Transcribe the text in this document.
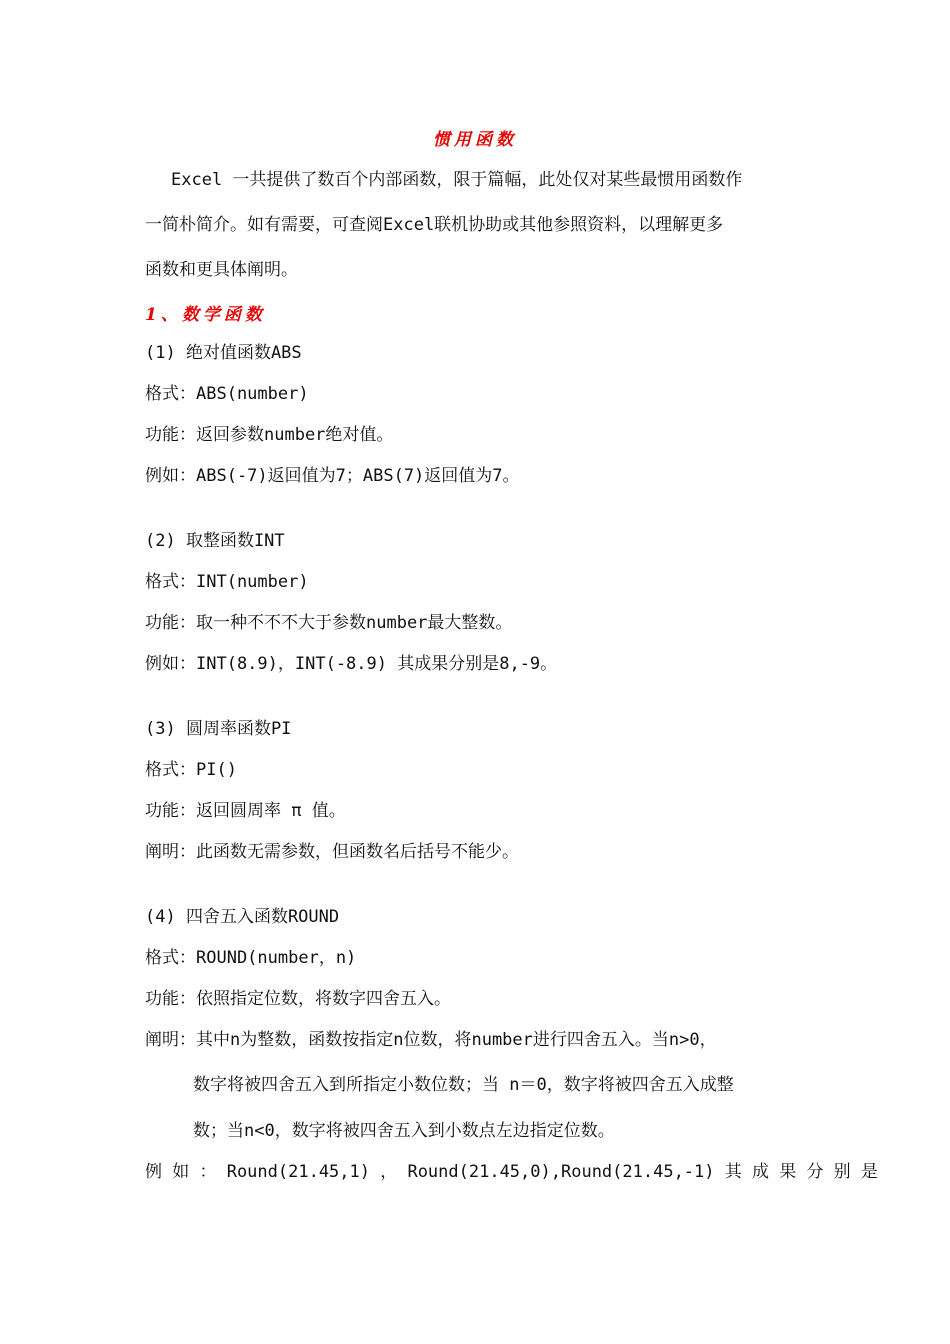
惯用函数
Excel 一共提供了数百个内部函数，限于篇幅，此处仅对某些最惯用函数作
一简朴简介。如有需要，可查阅Excel联机协助或其他参照资料，以理解更多
函数和更具体阐明。
1、数学函数
(1) 绝对值函数ABS
格式：ABS(number)
功能：返回参数number绝对值。
例如：ABS(-7)返回值为7；ABS(7)返回值为7。
(2) 取整函数INT
格式：INT(number)
功能：取一种不不不大于参数number最大整数。
例如：INT(8.9)，INT(-8.9) 其成果分别是8,-9。
(3) 圆周率函数PI
格式：PI()
功能：返回圆周率 π 值。
阐明：此函数无需参数，但函数名后括号不能少。
(4) 四舍五入函数ROUND
格式：ROUND(number，n)
功能：依照指定位数，将数字四舍五入。
阐明：其中n为整数，函数按指定n位数，将number进行四舍五入。当n>0，
数字将被四舍五入到所指定小数位数；当 n＝0，数字将被四舍五入成整
数；当n<0，数字将被四舍五入到小数点左边指定位数。
例 如 ： Round(21.45,1) ， Round(21.45,0),Round(21.45,-1) 其 成 果 分 别 是
